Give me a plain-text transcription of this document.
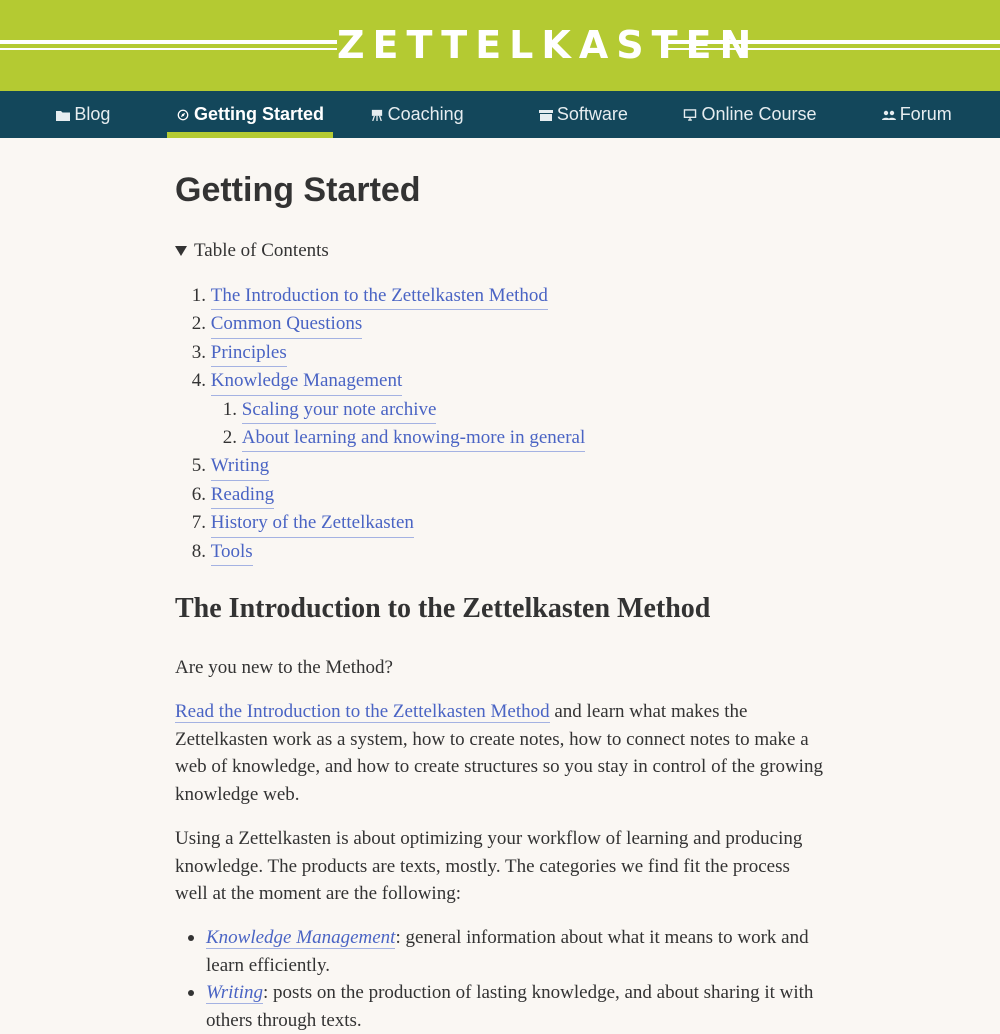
ZETTELKASTEN
Blog	Getting Started	Coaching	Software	Online Course	Forum
Getting Started
Table of Contents
1.
The Introduction to the Zettelkasten Method
2.
Common Questions
3.
Principles
4.
Knowledge Management
1.
Scaling your note archive
2.
About learning and knowing-more in general
5.
Writing
6.
Reading
7.
History of the Zettelkasten
8.
Tools
The Introduction to the Zettelkasten Method

Are you new to the Method?

Read the Introduction to the Zettelkasten Method and learn what makes the Zettelkasten work as a system, how to create notes, how to connect notes to make a web of knowledge, and how to create structures so you stay in control of the growing knowledge web.

Using a Zettelkasten is about optimizing your workflow of learning and producing knowledge. The products are texts, mostly. The categories we find fit the process well at the moment are the following:

Knowledge Management: general information about what it means to work and learn efficiently.
Writing: posts on the production of lasting knowledge, and about sharing it with others through texts.
